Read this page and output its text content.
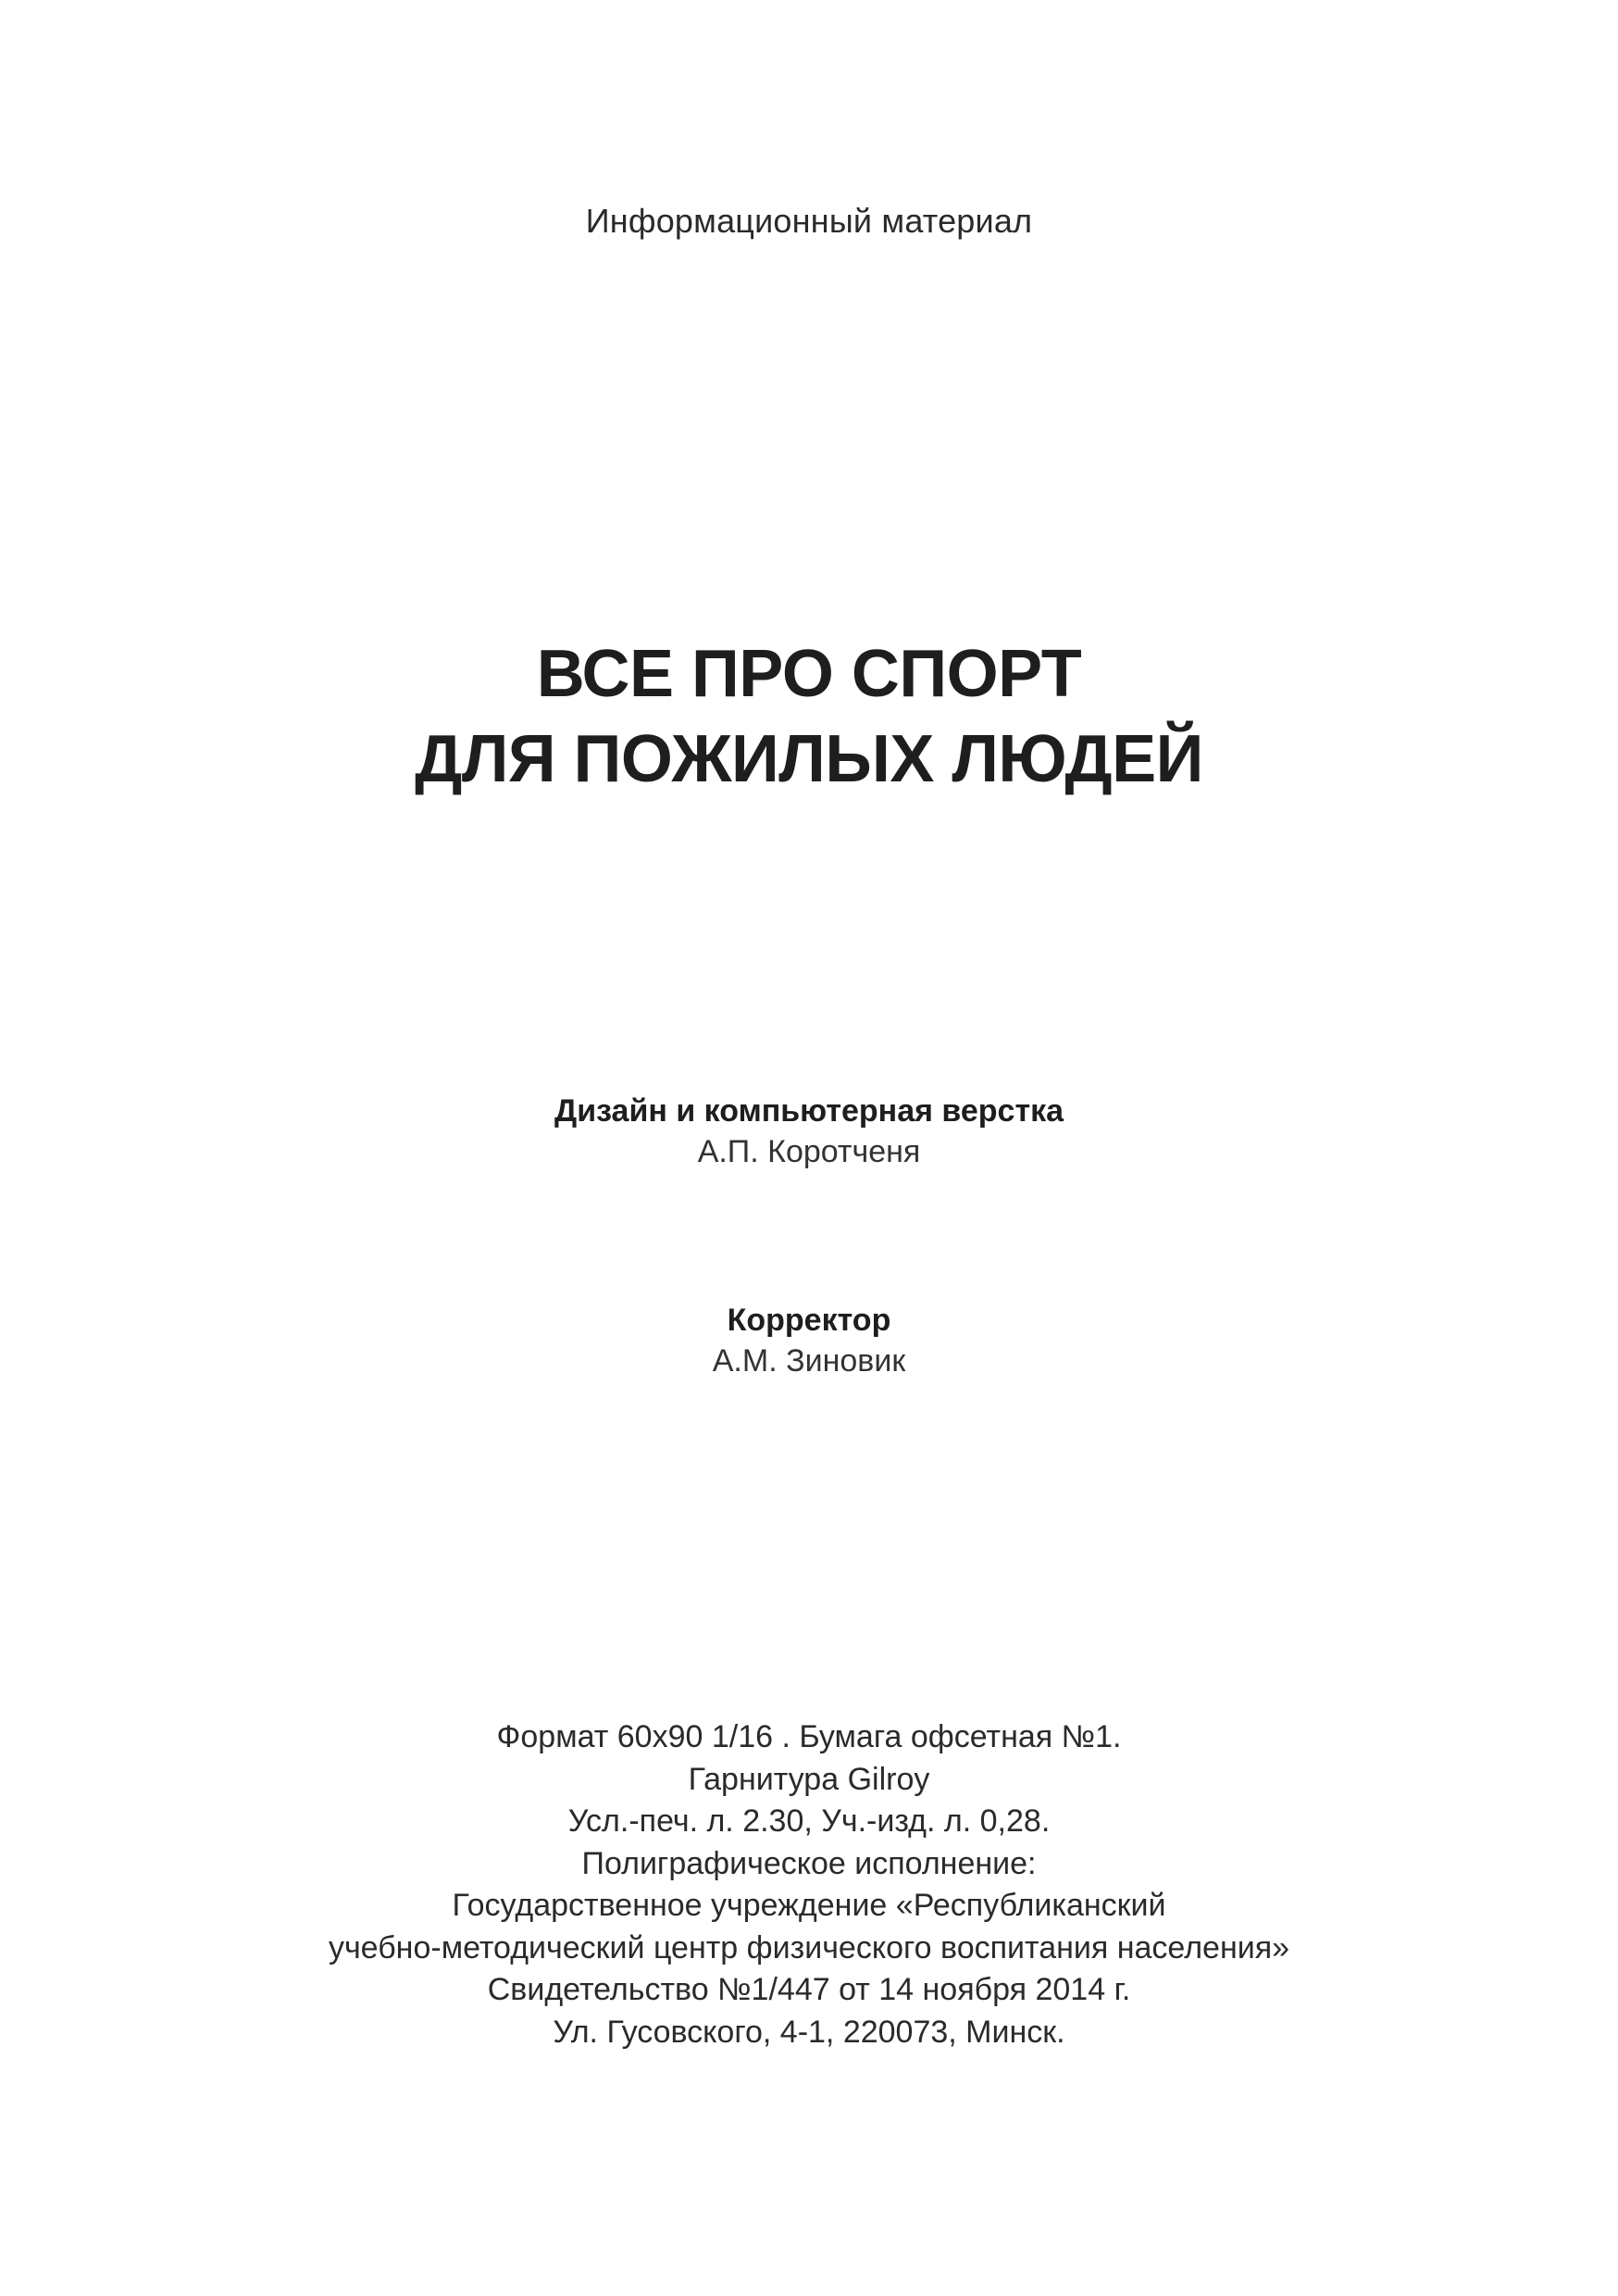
Информационный материал
ВСЕ ПРО СПОРТ
ДЛЯ ПОЖИЛЫХ ЛЮДЕЙ
Дизайн и компьютерная верстка
А.П. Коротченя
Корректор
А.М. Зиновик
Формат 60x90 1/16 . Бумага офсетная №1.
Гарнитура Gilroy
Усл.-печ. л. 2.30, Уч.-изд. л. 0,28.
Полиграфическое исполнение:
Государственное учреждение «Республиканский
учебно-методический центр физического воспитания населения»
Свидетельство №1/447 от 14 ноября 2014 г.
Ул. Гусовского, 4-1, 220073, Минск.
